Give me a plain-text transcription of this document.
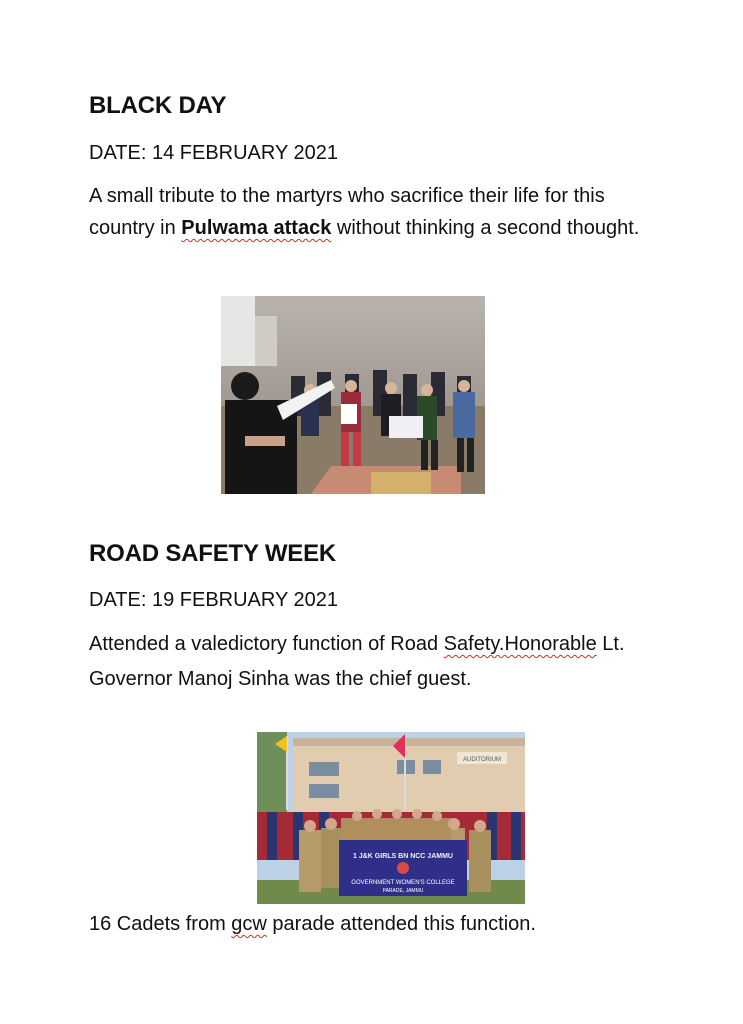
BLACK DAY

DATE: 14 FEBRUARY 2021

A small tribute to the martyrs who sacrifice their life for this country in Pulwama attack without thinking a second thought.

ROAD SAFETY WEEK

DATE: 19 FEBRUARY 2021

Attended a valedictory function of Road Safety.Honorable Lt. Governor Manoj Sinha was the chief guest.

AUDITORIUM
1 J&K GIRLS BN NCC JAMMU
GOVERNMENT WOMEN'S COLLEGE
PARADE, JAMMU

16 Cadets from gcw parade attended this function.
